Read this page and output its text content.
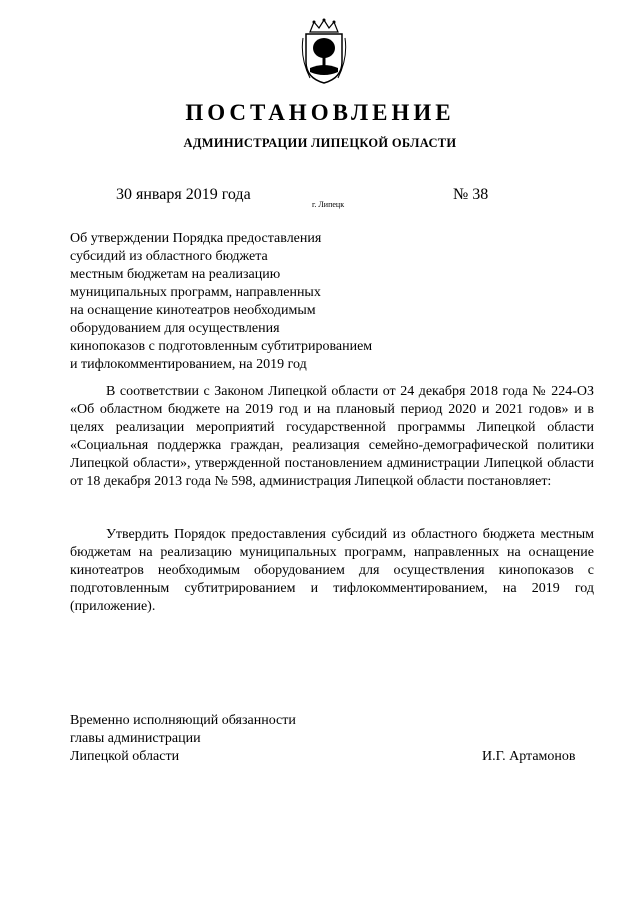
ПОСТАНОВЛЕНИЕ
АДМИНИСТРАЦИИ ЛИПЕЦКОЙ ОБЛАСТИ
30 января 2019 года
г. Липецк
№ 38
Об утверждении Порядка предоставления
субсидий из областного бюджета
местным бюджетам на реализацию
муниципальных программ, направленных
на оснащение кинотеатров необходимым
оборудованием для осуществления
кинопоказов с подготовленным субтитрированием
и тифлокомментированием, на 2019 год
В соответствии с Законом Липецкой области от 24 декабря 2018 года № 224-ОЗ «Об областном бюджете на 2019 год и на плановый период 2020 и 2021 годов» и в целях реализации мероприятий государственной программы Липецкой области «Социальная поддержка граждан, реализация семейно-демографической политики Липецкой области», утвержденной постановлением администрации Липецкой области от 18 декабря 2013 года № 598, администрация Липецкой области постановляет:
Утвердить Порядок предоставления субсидий из областного бюджета местным бюджетам на реализацию муниципальных программ, направленных на оснащение кинотеатров необходимым оборудованием для осуществления кинопоказов с подготовленным субтитрированием и тифлокомментированием, на 2019 год (приложение).
Временно исполняющий обязанности
главы администрации
Липецкой области	И.Г. Артамонов
